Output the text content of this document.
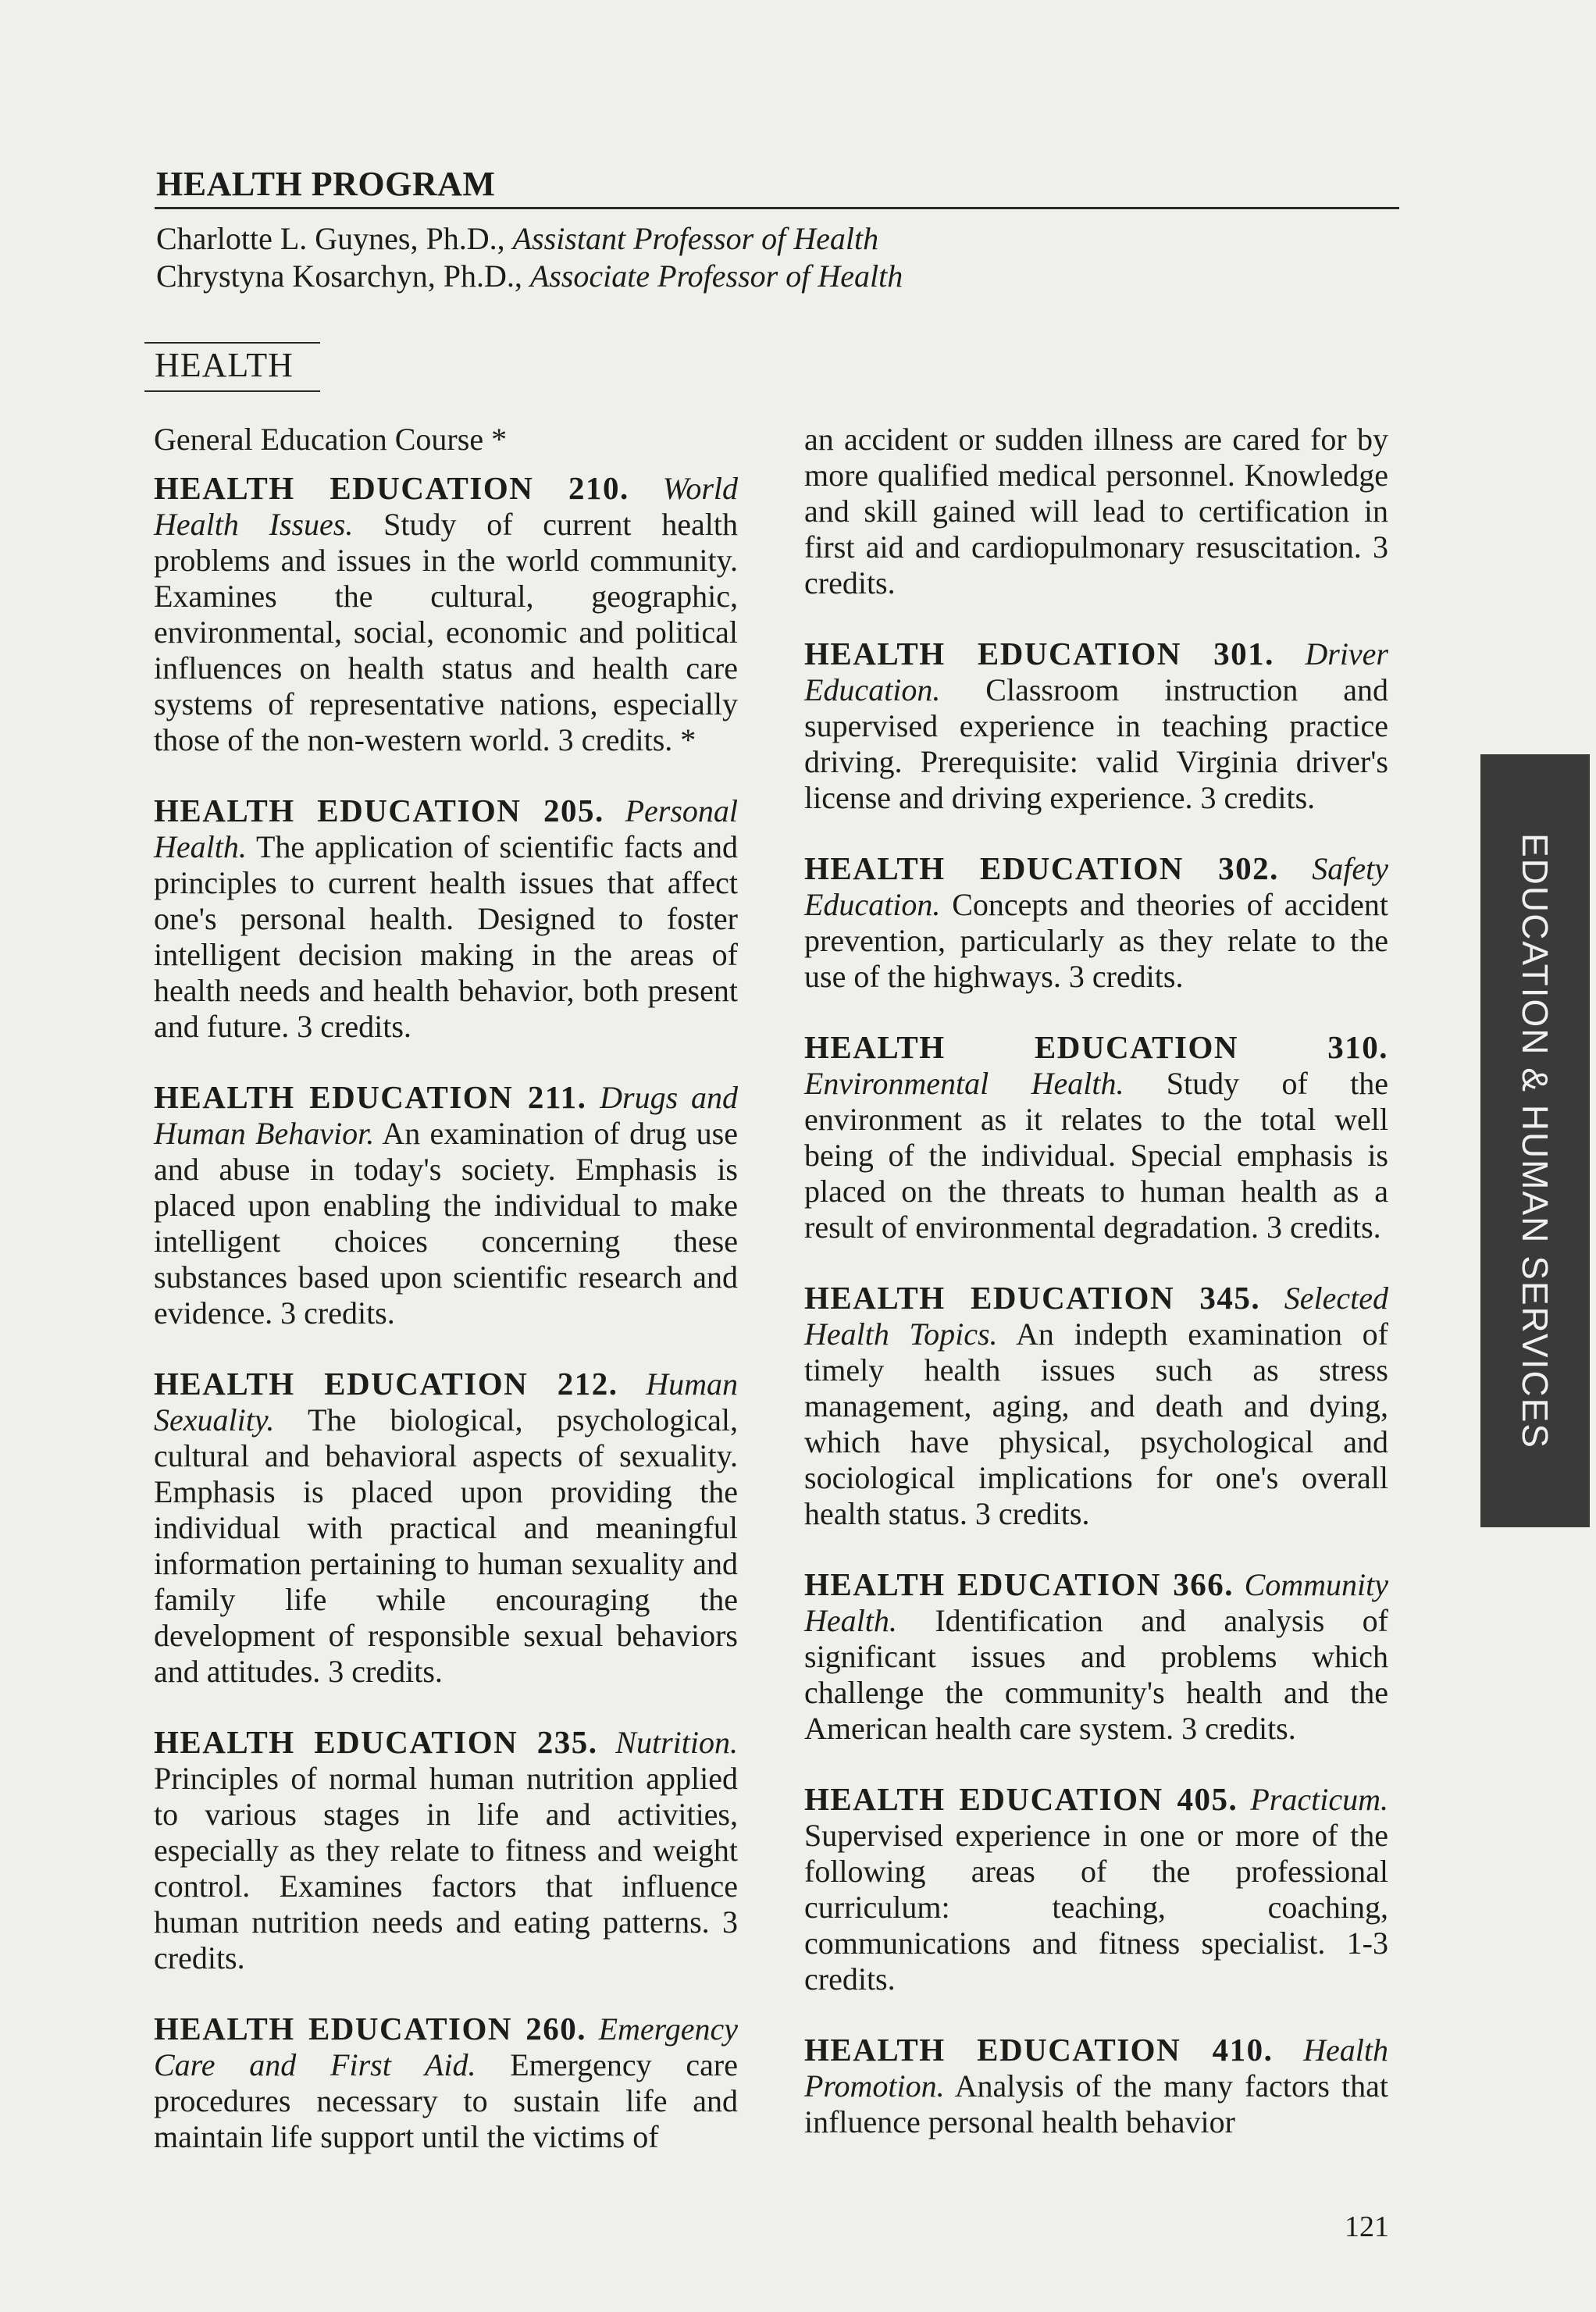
HEALTH PROGRAM
Charlotte L. Guynes, Ph.D., Assistant Professor of Health
Chrystyna Kosarchyn, Ph.D., Associate Professor of Health
HEALTH

General Education Course *

HEALTH EDUCATION 210. World Health Issues. Study of current health problems and issues in the world community. Examines the cultural, geographic, environmental, social, economic and political influences on health status and health care systems of representative nations, especially those of the non-western world. 3 credits. *

HEALTH EDUCATION 205. Personal Health. The application of scientific facts and principles to current health issues that affect one's personal health. Designed to foster intelligent decision making in the areas of health needs and health behavior, both present and future. 3 credits.

HEALTH EDUCATION 211. Drugs and Human Behavior. An examination of drug use and abuse in today's society. Emphasis is placed upon enabling the individual to make intelligent choices concerning these substances based upon scientific research and evidence. 3 credits.

HEALTH EDUCATION 212. Human Sexuality. The biological, psychological, cultural and behavioral aspects of sexuality. Emphasis is placed upon providing the individual with practical and meaningful information pertaining to human sexuality and family life while encouraging the development of responsible sexual behaviors and attitudes. 3 credits.

HEALTH EDUCATION 235. Nutrition. Principles of normal human nutrition applied to various stages in life and activities, especially as they relate to fitness and weight control. Examines factors that influence human nutrition needs and eating patterns. 3 credits.

HEALTH EDUCATION 260. Emergency Care and First Aid. Emergency care procedures necessary to sustain life and maintain life support until the victims of

an accident or sudden illness are cared for by more qualified medical personnel. Knowledge and skill gained will lead to certification in first aid and cardiopulmonary resuscitation. 3 credits.

HEALTH EDUCATION 301. Driver Education. Classroom instruction and supervised experience in teaching practice driving. Prerequisite: valid Virginia driver's license and driving experience. 3 credits.

HEALTH EDUCATION 302. Safety Education. Concepts and theories of accident prevention, particularly as they relate to the use of the highways. 3 credits.

HEALTH EDUCATION 310. Environmental Health. Study of the environment as it relates to the total well being of the individual. Special emphasis is placed on the threats to human health as a result of environmental degradation. 3 credits.

HEALTH EDUCATION 345. Selected Health Topics. An indepth examination of timely health issues such as stress management, aging, and death and dying, which have physical, psychological and sociological implications for one's overall health status. 3 credits.

HEALTH EDUCATION 366. Community Health. Identification and analysis of significant issues and problems which challenge the community's health and the American health care system. 3 credits.

HEALTH EDUCATION 405. Practicum. Supervised experience in one or more of the following areas of the professional curriculum: teaching, coaching, communications and fitness specialist. 1-3 credits.

HEALTH EDUCATION 410. Health Promotion. Analysis of the many factors that influence personal health behavior

EDUCATION & HUMAN SERVICES
121
